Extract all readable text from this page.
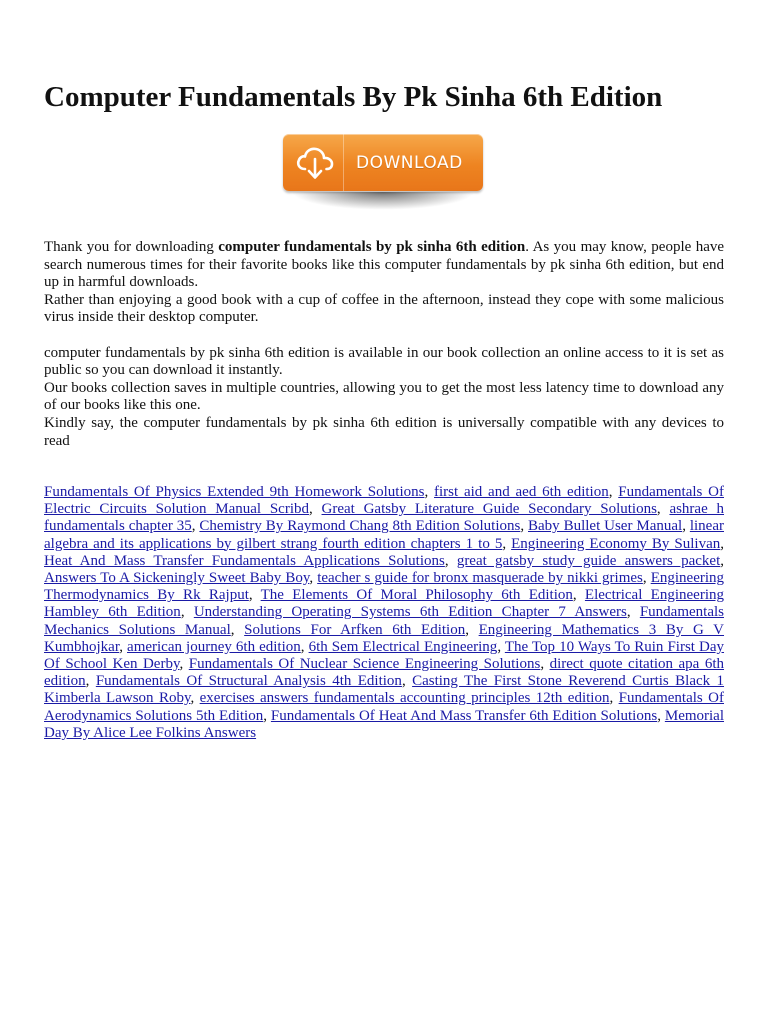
Computer Fundamentals By Pk Sinha 6th Edition
DOWNLOAD

Thank you for downloading computer fundamentals by pk sinha 6th edition. As you may know, people have search numerous times for their favorite books like this computer fundamentals by pk sinha 6th edition, but end up in harmful downloads.

Rather than enjoying a good book with a cup of coffee in the afternoon, instead they cope with some malicious virus inside their desktop computer.

computer fundamentals by pk sinha 6th edition is available in our book collection an online access to it is set as public so you can download it instantly.

Our books collection saves in multiple countries, allowing you to get the most less latency time to download any of our books like this one.

Kindly say, the computer fundamentals by pk sinha 6th edition is universally compatible with any devices to read

Fundamentals Of Physics Extended 9th Homework Solutions, first aid and aed 6th edition, Fundamentals Of Electric Circuits Solution Manual Scribd, Great Gatsby Literature Guide Secondary Solutions, ashrae h fundamentals chapter 35, Chemistry By Raymond Chang 8th Edition Solutions, Baby Bullet User Manual, linear algebra and its applications by gilbert strang fourth edition chapters 1 to 5, Engineering Economy By Sulivan, Heat And Mass Transfer Fundamentals Applications Solutions, great gatsby study guide answers packet, Answers To A Sickeningly Sweet Baby Boy, teacher s guide for bronx masquerade by nikki grimes, Engineering Thermodynamics By Rk Rajput, The Elements Of Moral Philosophy 6th Edition, Electrical Engineering Hambley 6th Edition, Understanding Operating Systems 6th Edition Chapter 7 Answers, Fundamentals Mechanics Solutions Manual, Solutions For Arfken 6th Edition, Engineering Mathematics 3 By G V Kumbhojkar, american journey 6th edition, 6th Sem Electrical Engineering, The Top 10 Ways To Ruin First Day Of School Ken Derby, Fundamentals Of Nuclear Science Engineering Solutions, direct quote citation apa 6th edition, Fundamentals Of Structural Analysis 4th Edition, Casting The First Stone Reverend Curtis Black 1 Kimberla Lawson Roby, exercises answers fundamentals accounting principles 12th edition, Fundamentals Of Aerodynamics Solutions 5th Edition, Fundamentals Of Heat And Mass Transfer 6th Edition Solutions, Memorial Day By Alice Lee Folkins Answers
